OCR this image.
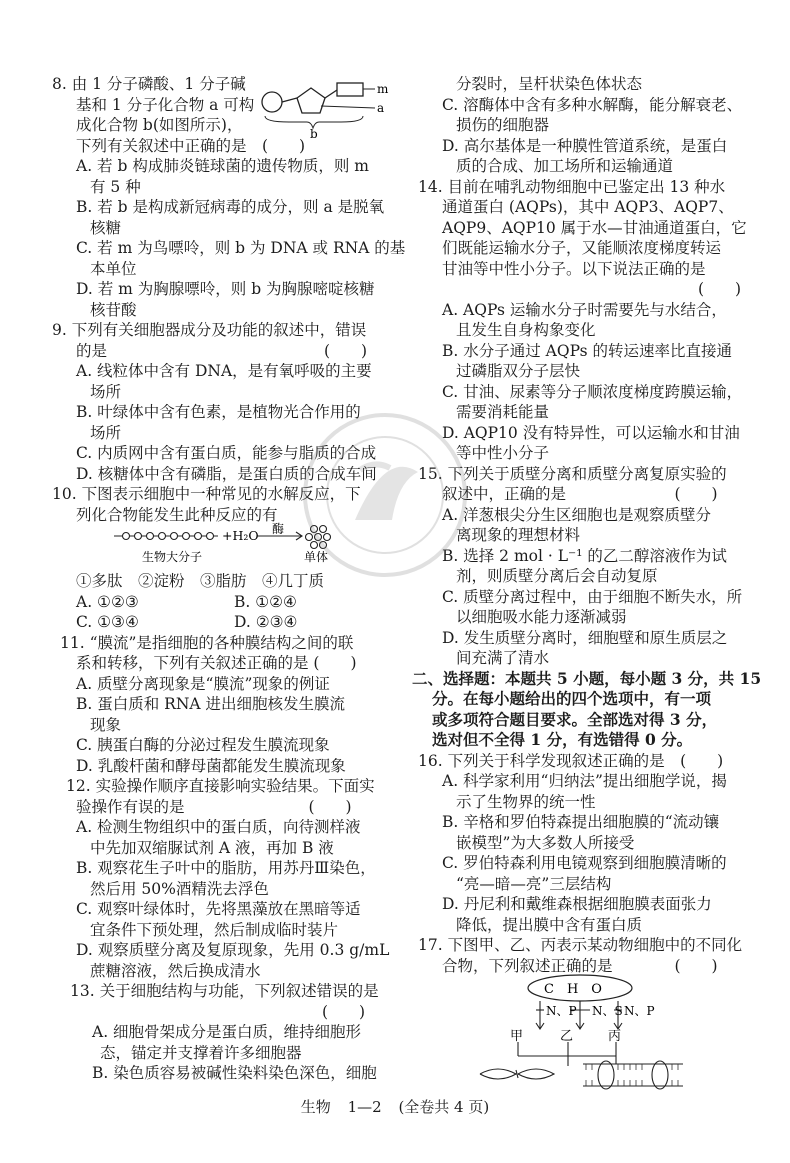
8. 由 1 分子磷酸、1 分子碱
基和 1 分子化合物 a 可构
成化合物 b(如图所示)，
下列有关叙述中正确的是　(　　)
m
a
b
A. 若 b 构成肺炎链球菌的遗传物质，则 m
有 5 种
B. 若 b 是构成新冠病毒的成分，则 a 是脱氧
核糖
C. 若 m 为鸟嘌呤，则 b 为 DNA 或 RNA 的基
本单位
D. 若 m 为胸腺嘌呤，则 b 为胸腺嘧啶核糖
核苷酸
9. 下列有关细胞器成分及功能的叙述中，错误
的是　　　　　　　　　　　　　　(　　)
A. 线粒体中含有 DNA，是有氧呼吸的主要
场所
B. 叶绿体中含有色素，是植物光合作用的
场所
C. 内质网中含有蛋白质，能参与脂质的合成
D. 核糖体中含有磷脂，是蛋白质的合成车间
10. 下图表示细胞中一种常见的水解反应，下
列化合物能发生此种反应的有
+H₂O 酶
生物大分子	单体
①多肽　②淀粉　③脂肪　④几丁质
A. ①②③	B. ①②④
C. ①③④	D. ②③④
11. “膜流”是指细胞的各种膜结构之间的联
系和转移，下列有关叙述正确的是 (　　)
A. 质壁分离现象是“膜流”现象的例证
B. 蛋白质和 RNA 进出细胞核发生膜流
现象
C. 胰蛋白酶的分泌过程发生膜流现象
D. 乳酸杆菌和酵母菌都能发生膜流现象
12. 实验操作顺序直接影响实验结果。下面实
验操作有误的是　　　　　　　　(　　)
A. 检测生物组织中的蛋白质，向待测样液
中先加双缩脲试剂 A 液，再加 B 液
B. 观察花生子叶中的脂肪，用苏丹Ⅲ染色，
然后用 50%酒精洗去浮色
C. 观察叶绿体时，先将黑藻放在黑暗等适
宜条件下预处理，然后制成临时装片
D. 观察质壁分离及复原现象，先用 0.3 g/mL
蔗糖溶液，然后换成清水
13. 关于细胞结构与功能，下列叙述错误的是
(　　)
A. 细胞骨架成分是蛋白质，维持细胞形
态，锚定并支撑着许多细胞器
B. 染色质容易被碱性染料染色深色，细胞
分裂时，呈杆状染色体状态
C. 溶酶体中含有多种水解酶，能分解衰老、
损伤的细胞器
D. 高尔基体是一种膜性管道系统，是蛋白
质的合成、加工场所和运输通道
14. 目前在哺乳动物细胞中已鉴定出 13 种水
通道蛋白 (AQPs)，其中 AQP3、AQP7、
AQP9、AQP10 属于水—甘油通道蛋白，它
们既能运输水分子，又能顺浓度梯度转运
甘油等中性小分子。以下说法正确的是
(　　)
A. AQPs 运输水分子时需要先与水结合，
且发生自身构象变化
B. 水分子通过 AQPs 的转运速率比直接通
过磷脂双分子层快
C. 甘油、尿素等分子顺浓度梯度跨膜运输，
需要消耗能量
D. AQP10 没有特异性，可以运输水和甘油
等中性小分子
15. 下列关于质壁分离和质壁分离复原实验的
叙述中，正确的是　　　　　　　(　　)
A. 洋葱根尖分生区细胞也是观察质壁分
离现象的理想材料
B. 选择 2 mol · L⁻¹ 的乙二醇溶液作为试
剂，则质壁分离后会自动复原
C. 质壁分离过程中，由于细胞不断失水，所
以细胞吸水能力逐渐减弱
D. 发生质壁分离时，细胞壁和原生质层之
间充满了清水
二、选择题：本题共 5 小题，每小题 3 分，共 15
分。在每小题给出的四个选项中，有一项
或多项符合题目要求。全部选对得 3 分，
选对但不全得 1 分，有选错得 0 分。
16. 下列关于科学发现叙述正确的是　(　　)
A. 科学家利用“归纳法”提出细胞学说，揭
示了生物界的统一性
B. 辛格和罗伯特森提出细胞膜的“流动镶
嵌模型”为大多数人所接受
C. 罗伯特森利用电镜观察到细胞膜清晰的
“亮—暗—亮”三层结构
D. 丹尼利和戴维森根据细胞膜表面张力
降低，提出膜中含有蛋白质
17. 下图甲、乙、丙表示某动物细胞中的不同化
合物，下列叙述正确的是　　　　(　　)
C　H　O
N、P N、S N、P
甲	乙	丙
生物 1—2 (全卷共 4 页)
